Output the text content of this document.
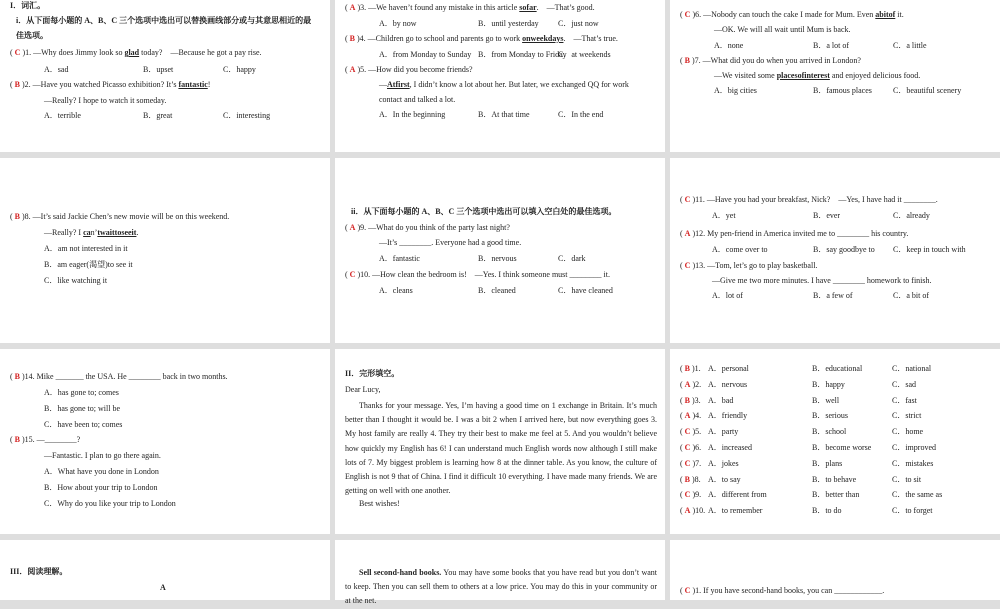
I．词汇。
i．从下面每小题的 A、B、C 三个选项中选出可以替换画线部分或与其意思相近的最
佳选项。
( C )1. —Why does Jimmy look so glad today?　—Because he got a pay rise.
A．sad	B．upset	C．happy
( B )2. —Have you watched Picasso exhibition? It’s fantastic!
—Really? I hope to watch it someday.
A．terrible	B．great	C．interesting
( A )3. —We haven’t found any mistake in this article sofar.　—That’s good.
A．by now	B．until yesterday C．just now
( B )4. —Children go to school and parents go to work onweekdays.　—That’s true.
A．from Monday to Sunday B．from Monday to Friday
C．at weekends
( A )5. —How did you become friends?
—Atfirst, I didn’t know a lot about her. But later, we exchanged QQ for work
contact and talked a lot.
A．In the beginning	B．At that time	C．In the end
( C )6. —Nobody can touch the cake I made for Mum. Even abitof it.
—OK. We will all wait until Mum is back.
A．none	B．a lot of	C．a little
( B )7. —What did you do when you arrived in London?
—We visited some placesofinterest and enjoyed delicious food.
A．big cities	B．famous places	C．beautiful scenery
( B )8. —It’s said Jackie Chen’s new movie will be on this weekend.
—Really? I can’twaittoseeit.
A．am not interested in it
B．am eager(渴望)to see it
C．like watching it
ii．从下面每小题的 A、B、C 三个选项中选出可以填入空白处的最佳选项。
( A )9. —What do you think of the party last night?
—It’s ________. Everyone had a good time.
A．fantastic	B．nervous	C．dark
( C )10. —How clean the bedroom is!　—Yes. I think someone must ________ it.
A．cleans	B．cleaned	C．have cleaned
( C )11. —Have you had your breakfast, Nick?　—Yes, I have had it ________.
A．yet	B．ever	C．already
( A )12. My pen-friend in America invited me to ________ his country.
A．come over to	B．say goodbye to C．keep in touch with
( C )13. —Tom, let’s go to play basketball.
—Give me two more minutes. I have ________ homework to finish.
A．lot of	B．a few of	C．a bit of
( B )14. Mike _______ the USA. He ________ back in two months.
A．has gone to; comes
B．has gone to; will be
C．have been to; comes
( B )15. —________?
—Fantastic. I plan to go there again.
A．What have you done in London
B．How about your trip to London
C．Why do you like your trip to London
II．完形填空。
Dear Lucy,
Thanks for your message. Yes, I’m having a good time on 1 exchange in Britain. It’s much better than I thought it would be. I was a bit 2 when I arrived here, but now everything goes 3. My host family are really 4. They try their best to make me feel at 5. And you wouldn’t believe how quickly my English has 6! I can understand much English words now although I still make lots of 7. My biggest problem is learning how 8 at the dinner table. As you know, the culture of English is not 9 that of China. I find it difficult 10 everything. I have made many friends. We are getting on well with one another.
Best wishes!
( B )1. A．personal	B．educational	C．national
( A )2. A．nervous	B．happy	C．sad
( B )3. A．bad	B．well	C．fast
( A )4. A．friendly	B．serious	C．strict
( C )5. A．party	B．school	C．home
( C )6. A．increased	B．become worse	C．improved
( C )7. A．jokes	B．plans	C．mistakes
( B )8. A．to say	B．to behave	C．to sit
( C )9. A．different from	B．better than	C．the same as
( A )10. A．to remember	B．to do	C．to forget
III．阅读理解。
A
Sell second-hand books. You may have some books that you have read but you don’t want to keep. Then you can sell them to others at a low price. You may do this in your community or at the net.
( C )1. If you have second-hand books, you can ____________.
